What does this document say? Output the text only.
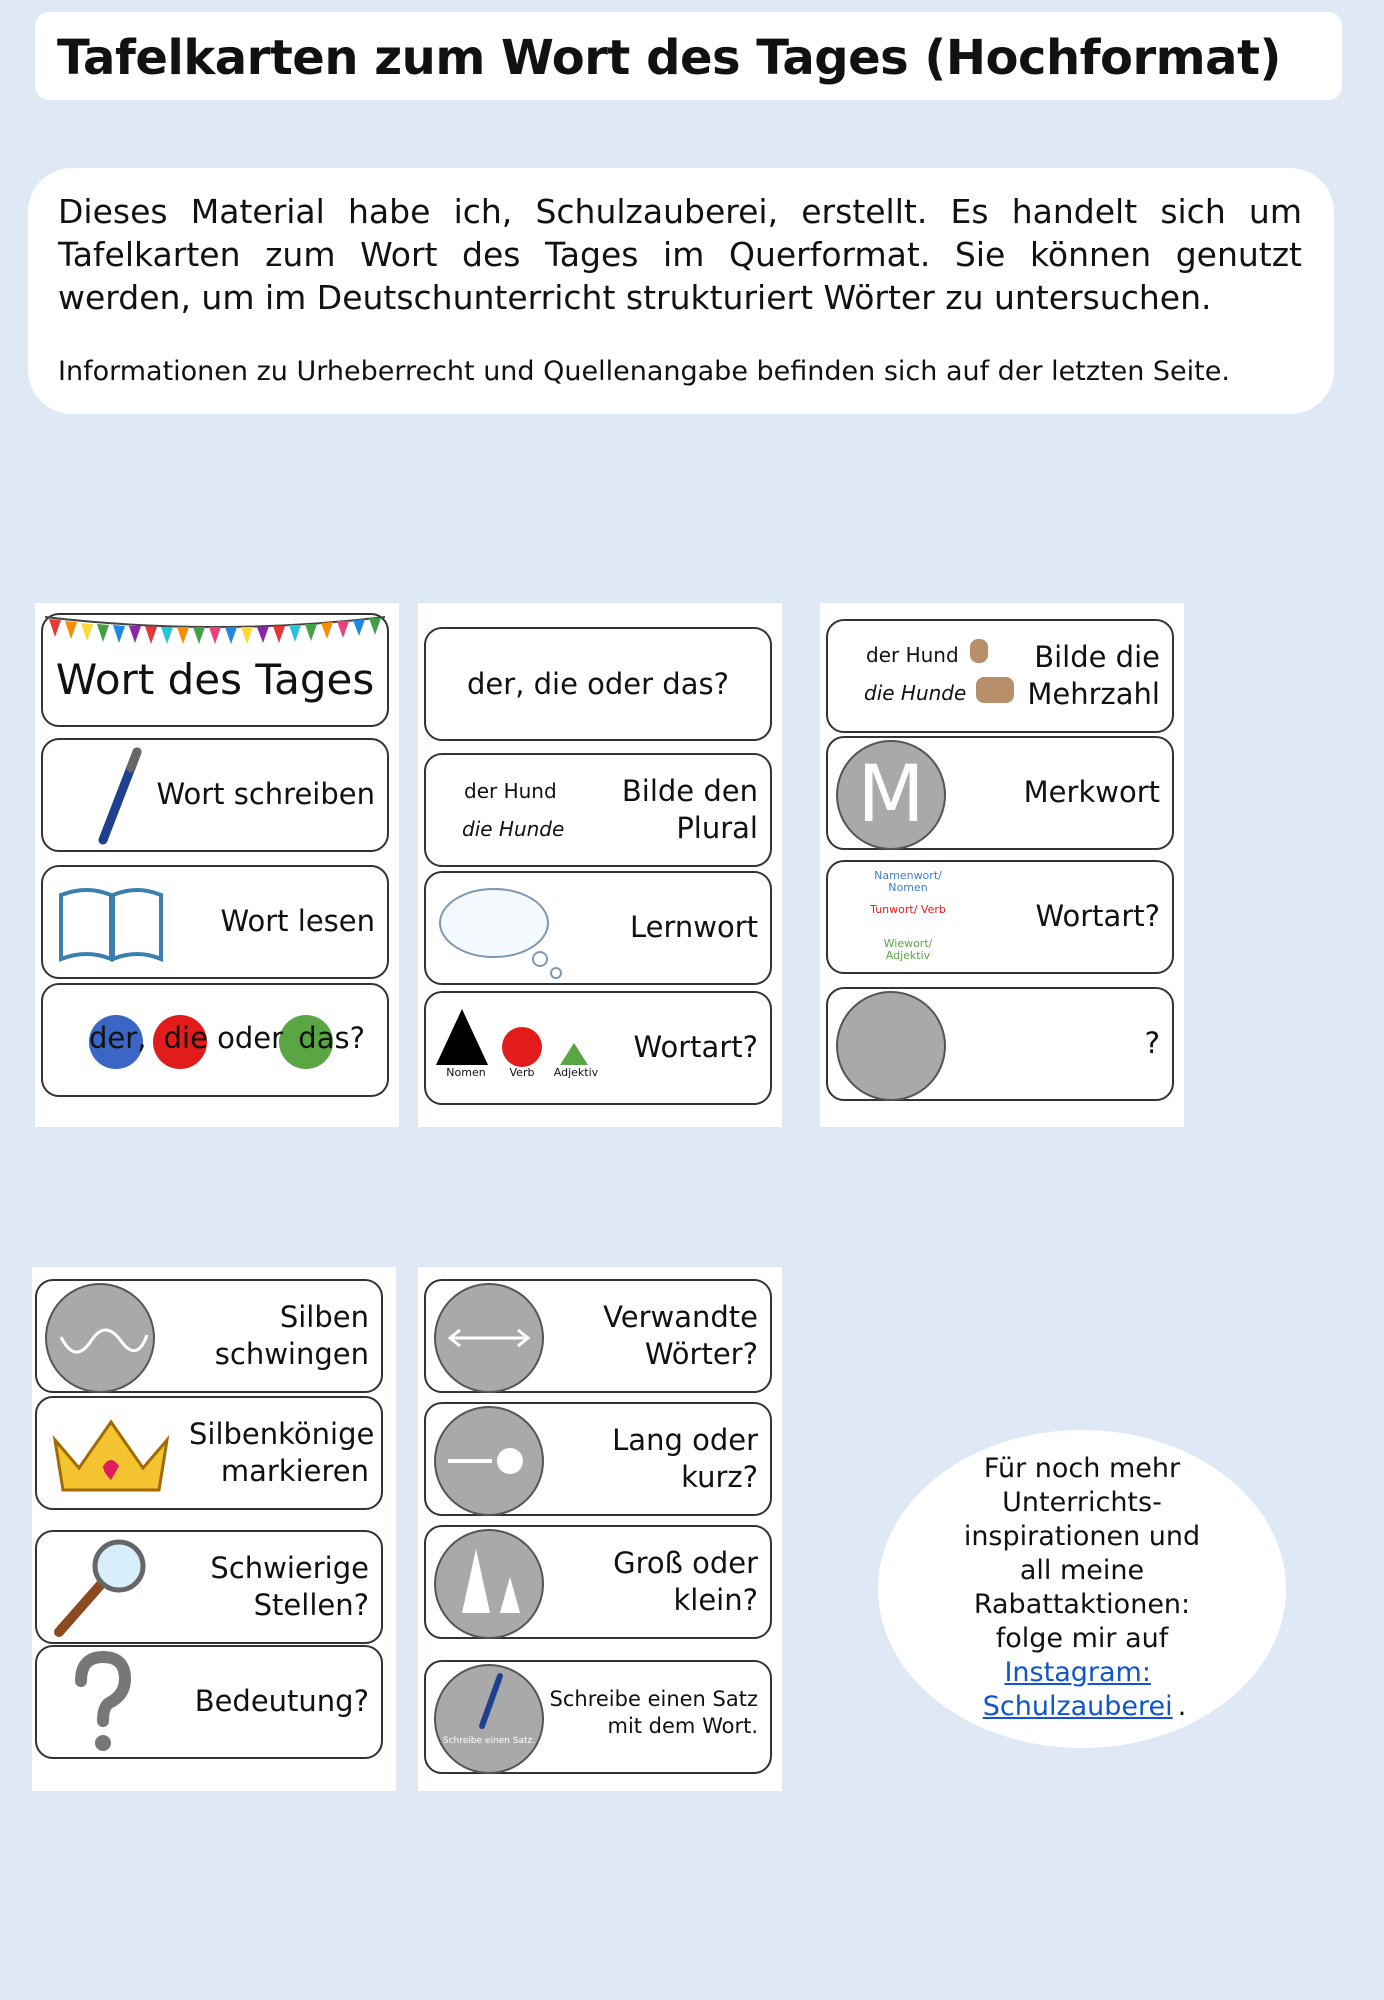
Tafelkarten zum Wort des Tages (Hochformat)
Dieses Material habe ich, Schulzauberei, erstellt. Es handelt sich um Tafelkarten zum Wort des Tages im Querformat. Sie können genutzt werden, um im Deutschunterricht strukturiert Wörter zu untersuchen.
Informationen zu Urheberrecht und Quellenangabe befinden sich auf der letzten Seite.
Wort des Tages
Wort schreiben
Wort lesen
der, die oder das?
der, die oder das?
der Hund
die Hunde
Bilde den Plural
Lernwort
Nomen	Verb	Adjektiv
Wortart?
der Hund
die Hunde
Bilde die Mehrzahl
M	Merkwort
Namenwort/ Nomen
Tunwort/ Verb
Wiewort/ Adjektiv
Wortart?
?
Silben schwingen
Silbenkönige markieren
Schwierige Stellen?
Bedeutung?
Verwandte Wörter?
Lang oder kurz?
Groß oder klein?
Schreibe einen Satz.
Schreibe einen Satz mit dem Wort.
Für noch mehr Unterrichts-inspirationen und all meine Rabattaktionen: folge mir auf
Instagram: Schulzauberei .
